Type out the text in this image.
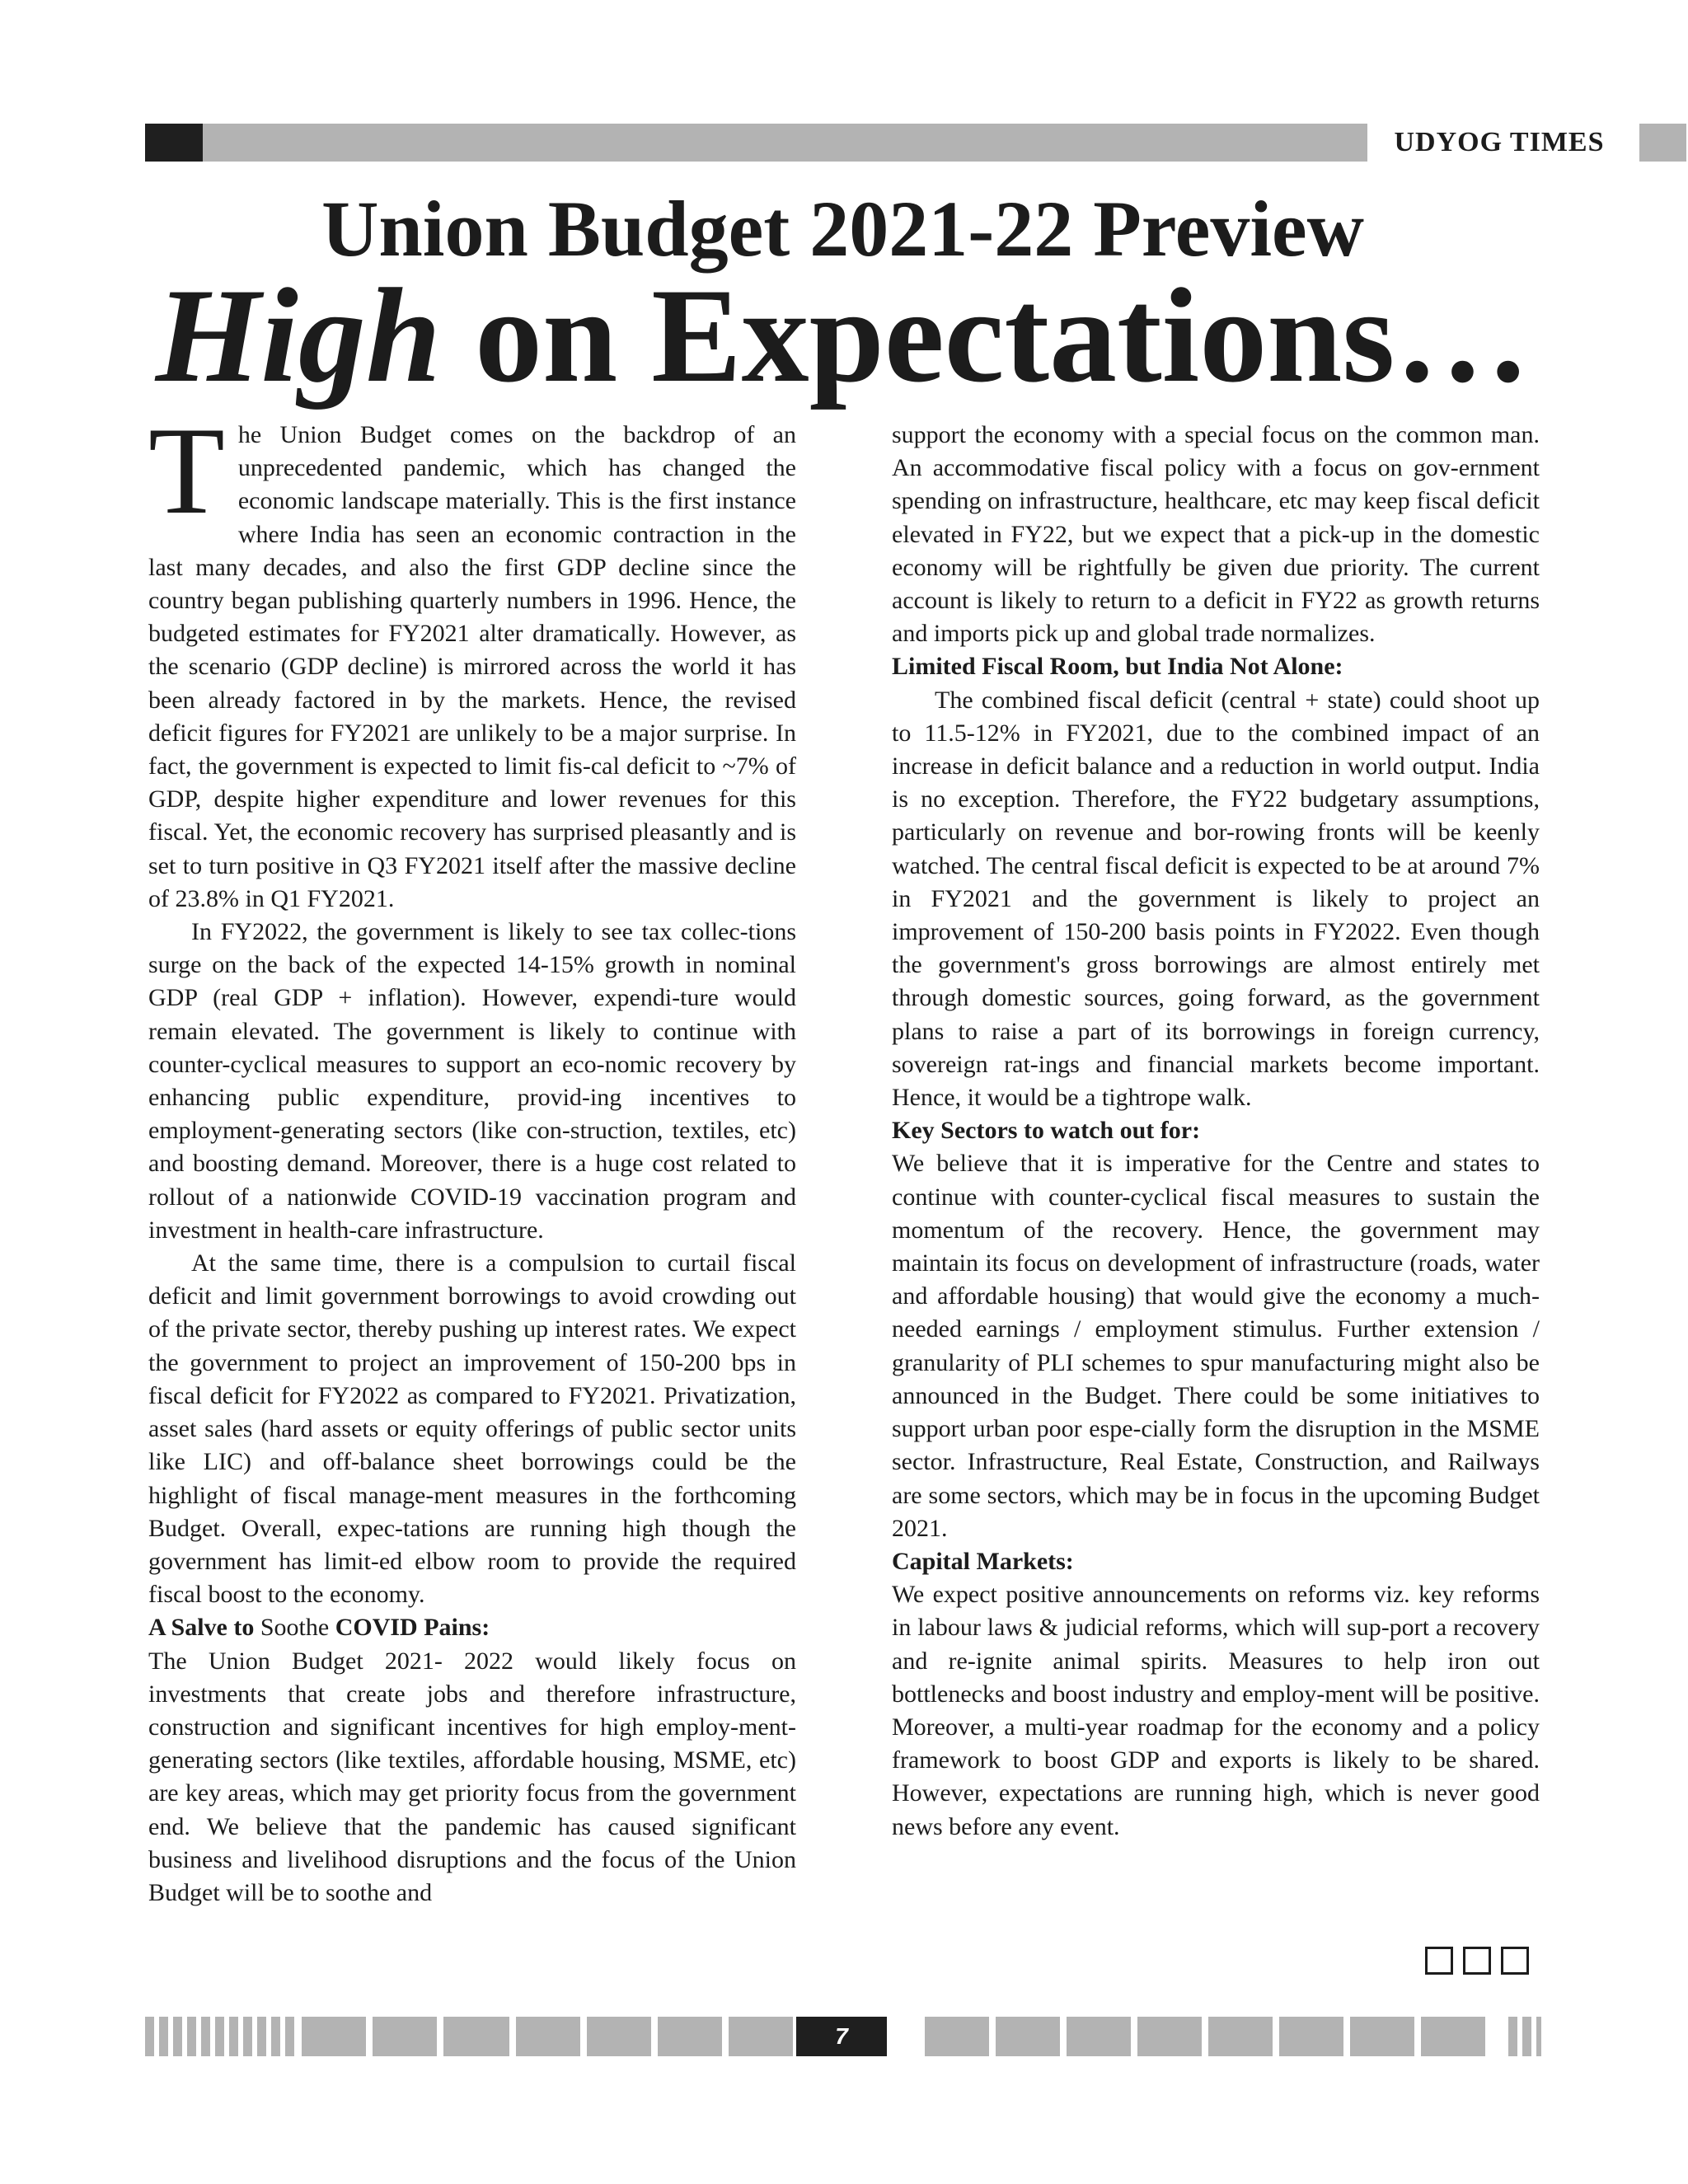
UDYOG TIMES
Union Budget 2021-22 Preview
High on Expectations…

The Union Budget comes on the backdrop of an unprecedented pandemic, which has changed the economic landscape materially. This is the first instance where India has seen an economic contraction in the last many decades, and also the first GDP decline since the country began publishing quarterly numbers in 1996. Hence, the budgeted estimates for FY2021 alter dramatically. However, as the scenario (GDP decline) is mirrored across the world it has been already factored in by the markets. Hence, the revised deficit figures for FY2021 are unlikely to be a major surprise. In fact, the government is expected to limit fis-cal deficit to ~7% of GDP, despite higher expenditure and lower revenues for this fiscal. Yet, the economic recovery has surprised pleasantly and is set to turn positive in Q3 FY2021 itself after the massive decline of 23.8% in Q1 FY2021.

In FY2022, the government is likely to see tax collec-tions surge on the back of the expected 14-15% growth in nominal GDP (real GDP + inflation). However, expendi-ture would remain elevated. The government is likely to continue with counter-cyclical measures to support an eco-nomic recovery by enhancing public expenditure, provid-ing incentives to employment-generating sectors (like con-struction, textiles, etc) and boosting demand. Moreover, there is a huge cost related to rollout of a nationwide COVID-19 vaccination program and investment in health-care infrastructure.

At the same time, there is a compulsion to curtail fiscal deficit and limit government borrowings to avoid crowding out of the private sector, thereby pushing up interest rates. We expect the government to project an improvement of 150-200 bps in fiscal deficit for FY2022 as compared to FY2021. Privatization, asset sales (hard assets or equity offerings of public sector units like LIC) and off-balance sheet borrowings could be the highlight of fiscal manage-ment measures in the forthcoming Budget. Overall, expec-tations are running high though the government has limit-ed elbow room to provide the required fiscal boost to the economy.

A Salve to Soothe COVID Pains:

The Union Budget 2021- 2022 would likely focus on investments that create jobs and therefore infrastructure, construction and significant incentives for high employ-ment-generating sectors (like textiles, affordable housing, MSME, etc) are key areas, which may get priority focus from the government end. We believe that the pandemic has caused significant business and livelihood disruptions and the focus of the Union Budget will be to soothe and

support the economy with a special focus on the common man. An accommodative fiscal policy with a focus on gov-ernment spending on infrastructure, healthcare, etc may keep fiscal deficit elevated in FY22, but we expect that a pick-up in the domestic economy will be rightfully be given due priority. The current account is likely to return to a deficit in FY22 as growth returns and imports pick up and global trade normalizes.

Limited Fiscal Room, but India Not Alone:

The combined fiscal deficit (central + state) could shoot up to 11.5-12% in FY2021, due to the combined impact of an increase in deficit balance and a reduction in world output. India is no exception. Therefore, the FY22 budgetary assumptions, particularly on revenue and bor-rowing fronts will be keenly watched. The central fiscal deficit is expected to be at around 7% in FY2021 and the government is likely to project an improvement of 150-200 basis points in FY2022. Even though the government's gross borrowings are almost entirely met through domestic sources, going forward, as the government plans to raise a part of its borrowings in foreign currency, sovereign rat-ings and financial markets become important. Hence, it would be a tightrope walk.

Key Sectors to watch out for:

We believe that it is imperative for the Centre and states to continue with counter-cyclical fiscal measures to sustain the momentum of the recovery. Hence, the government may maintain its focus on development of infrastructure (roads, water and affordable housing) that would give the economy a much-needed earnings / employment stimulus. Further extension / granularity of PLI schemes to spur manufacturing might also be announced in the Budget. There could be some initiatives to support urban poor espe-cially form the disruption in the MSME sector. Infrastructure, Real Estate, Construction, and Railways are some sectors, which may be in focus in the upcoming Budget 2021.

Capital Markets:

We expect positive announcements on reforms viz. key reforms in labour laws & judicial reforms, which will sup-port a recovery and re-ignite animal spirits. Measures to help iron out bottlenecks and boost industry and employ-ment will be positive. Moreover, a multi-year roadmap for the economy and a policy framework to boost GDP and exports is likely to be shared. However, expectations are running high, which is never good news before any event.

7
